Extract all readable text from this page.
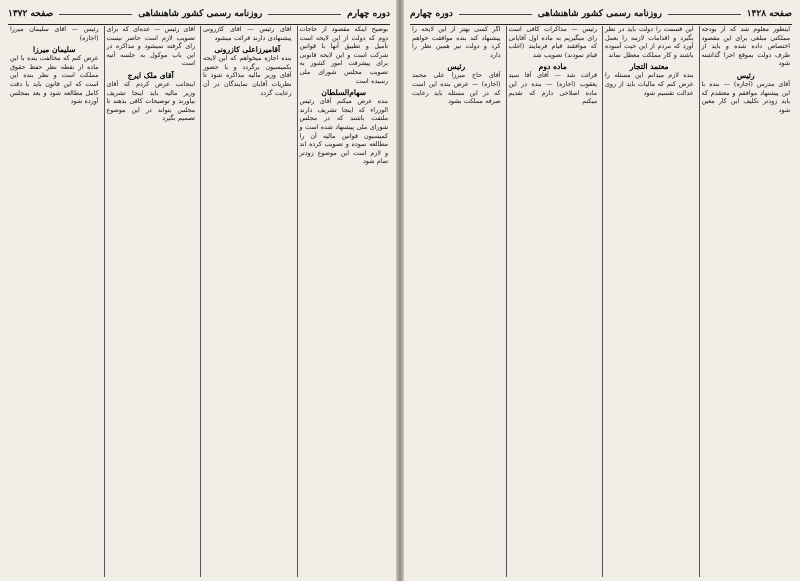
دوره چهارم
روزنامه رسمی کشور شاهنشاهی
صفحه ۱۳۷۲
بوضیح اینکه مقصود از حاجات دوم که دولت از این لایحه است تأمیل و تطبیق آنها با قوانین شرکت است و این لایحه قانونی برای پیشرفت امور کشور به تصویب مجلس شورای ملی رسیده است
سهام‌السلطان
بنده عرض میکنم آقای رئیس الوزراء که اینجا تشریف دارند ملتفت باشند که در مجلس شورای ملی پیشنهاد شده است و کمیسیون قوانین مالیه آن را مطالعه نموده و تصویب کرده اند و لازم است این موضوع زودتر تمام شود
آقای رئیس — آقای کازرونی پیشنهادی دارند قرائت میشود
آقامیرزاعلی کازرونی
بنده اجازه میخواهم که این لایحه بکمیسیون برگردد و با حضور آقای وزیر مالیه مذاکره شود تا نظریات آقایان نمایندگان در آن رعایت گردد
آقای رئیس — عده‌ای که برای تصویب لازم است حاضر نیست رای گرفته نمیشود و مذاکره در این باب موکول به جلسه آتیه است
آقای ملک ایرج
اینجانب عرض کردم که آقای وزیر مالیه باید اینجا تشریف بیاورند و توضیحات کافی بدهند تا مجلس بتواند در این موضوع تصمیم بگیرد
رئیس — آقای سلیمان میرزا (اجازه)
سلیمان میرزا
عرض کنم که مخالفت بنده با این ماده از نقطه نظر حفظ حقوق مملکت است و نظر بنده این است که این قانون باید با دقت کامل مطالعه شود و بعد بمجلس آورده شود
صفحه ۱۴۲۸
روزنامه رسمی کشور شاهنشاهی
دوره چهارم
اینطور معلوم شد که از بودجه مملکتی مبلغی برای این مقصود اختصاص داده شده و باید از طرف دولت بموقع اجرا گذاشته شود
رئیس
آقای مدرس (اجازه) — بنده با این پیشنهاد موافقم و معتقدم که باید زودتر تکلیف این کار معین شود
این قسمت را دولت باید در نظر بگیرد و اقدامات لازمه را بعمل آورد که مردم از این حیث آسوده باشند و کار مملکت معطل نماند
معتمد التجار
بنده لازم میدانم این مسئله را عرض کنم که مالیات باید از روی عدالت تقسیم شود
رئیس — مذاکرات کافی است رای میگیریم به ماده اول آقایانی که موافقند قیام فرمایند (اغلب قیام نمودند) تصویب شد
ماده دوم
قرائت شد — آقای آقا سید یعقوب (اجازه) — بنده در این ماده اصلاحی دارم که تقدیم میکنم
اگر کسی بهتر از این لایحه را پیشنهاد کند بنده موافقت خواهم کرد و دولت نیز همین نظر را دارد
رئیس
آقای حاج میرزا علی محمد (اجازه) — عرض بنده این است که در این مسئله باید رعایت صرفه مملکت بشود
